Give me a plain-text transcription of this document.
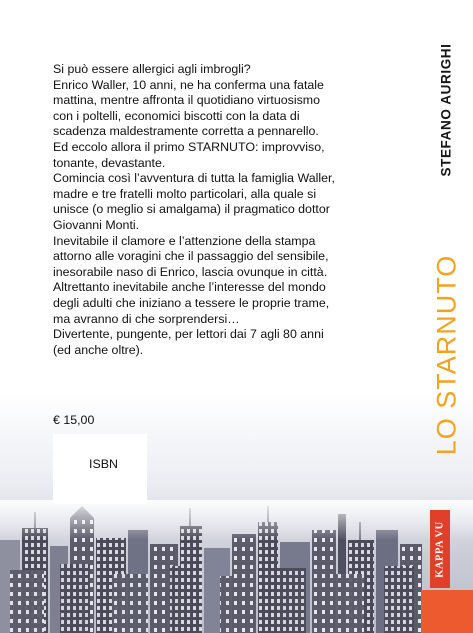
Si può essere allergici agli imbrogli?

Enrico Waller, 10 anni, ne ha conferma una fatale

mattina, mentre affronta il quotidiano virtuosismo

con i poltelli, economici biscotti con la data di

scadenza maldestramente corretta a pennarello.

Ed eccolo allora il primo STARNUTO: improvviso,

tonante, devastante.

Comincia così l’avventura di tutta la famiglia Waller,

madre e tre fratelli molto particolari, alla quale si

unisce (o meglio si amalgama) il pragmatico dottor

Giovanni Monti.

Inevitabile il clamore e l’attenzione della stampa

attorno alle voragini che il passaggio del sensibile,

inesorabile naso di Enrico, lascia ovunque in città.

Altrettanto inevitabile anche l’interesse del mondo

degli adulti che iniziano a tessere le proprie trame,

ma avranno di che sorprendersi…

Divertente, pungente, per lettori dai 7 agli 80 anni

(ed anche oltre).

€ 15,00
ISBN
STEFANO AURIGHI
LO STARNUTO
KAPPA VU
